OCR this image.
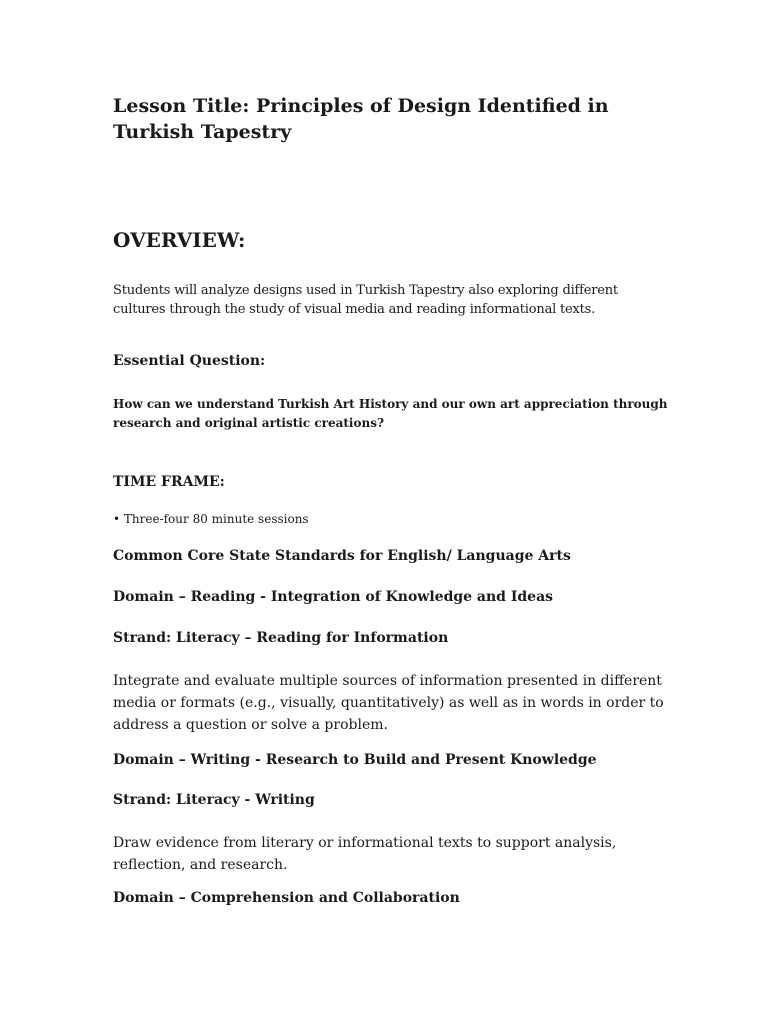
Lesson Title: Principles of Design Identified in Turkish Tapestry
OVERVIEW:

Students will analyze designs used in Turkish Tapestry also exploring different cultures through the study of visual media and reading informational texts.

Essential Question:

How can we understand Turkish Art History and our own art appreciation through research and original artistic creations?

TIME FRAME:
• Three-four 80 minute sessions
Common Core State Standards for English/ Language Arts
Domain – Reading - Integration of Knowledge and Ideas
Strand: Literacy – Reading for Information

Integrate and evaluate multiple sources of information presented in different media or formats (e.g., visually, quantitatively) as well as in words in order to address a question or solve a problem.

Domain – Writing - Research to Build and Present Knowledge
Strand: Literacy - Writing

Draw evidence from literary or informational texts to support analysis, reflection, and research.

Domain – Comprehension and Collaboration
